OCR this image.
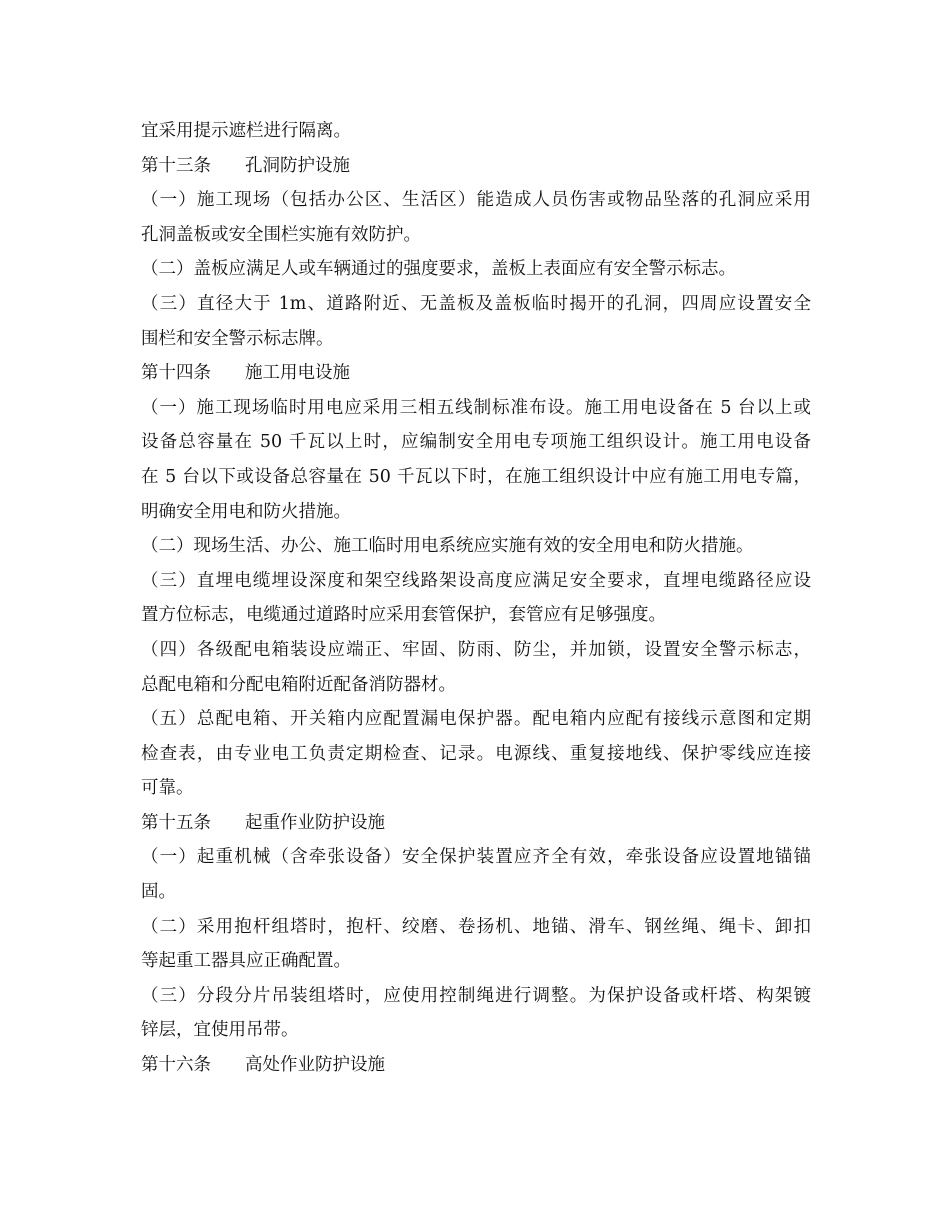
宜采用提示遮栏进行隔离。
第十三条 孔洞防护设施
（一）施工现场（包括办公区、生活区）能造成人员伤害或物品坠落的孔洞应采用
孔洞盖板或安全围栏实施有效防护。
（二）盖板应满足人或车辆通过的强度要求，盖板上表面应有安全警示标志。
（三）直径大于 1m、道路附近、无盖板及盖板临时揭开的孔洞，四周应设置安全
围栏和安全警示标志牌。
第十四条 施工用电设施
（一）施工现场临时用电应采用三相五线制标准布设。施工用电设备在 5 台以上或
设备总容量在 50 千瓦以上时，应编制安全用电专项施工组织设计。施工用电设备
在 5 台以下或设备总容量在 50 千瓦以下时，在施工组织设计中应有施工用电专篇，
明确安全用电和防火措施。
（二）现场生活、办公、施工临时用电系统应实施有效的安全用电和防火措施。
（三）直埋电缆埋设深度和架空线路架设高度应满足安全要求，直埋电缆路径应设
置方位标志，电缆通过道路时应采用套管保护，套管应有足够强度。
（四）各级配电箱装设应端正、牢固、防雨、防尘，并加锁，设置安全警示标志，
总配电箱和分配电箱附近配备消防器材。
（五）总配电箱、开关箱内应配置漏电保护器。配电箱内应配有接线示意图和定期
检查表，由专业电工负责定期检查、记录。电源线、重复接地线、保护零线应连接
可靠。
第十五条 起重作业防护设施
（一）起重机械（含牵张设备）安全保护装置应齐全有效，牵张设备应设置地锚锚
固。
（二）采用抱杆组塔时，抱杆、绞磨、卷扬机、地锚、滑车、钢丝绳、绳卡、卸扣
等起重工器具应正确配置。
（三）分段分片吊装组塔时，应使用控制绳进行调整。为保护设备或杆塔、构架镀
锌层，宜使用吊带。
第十六条 高处作业防护设施
